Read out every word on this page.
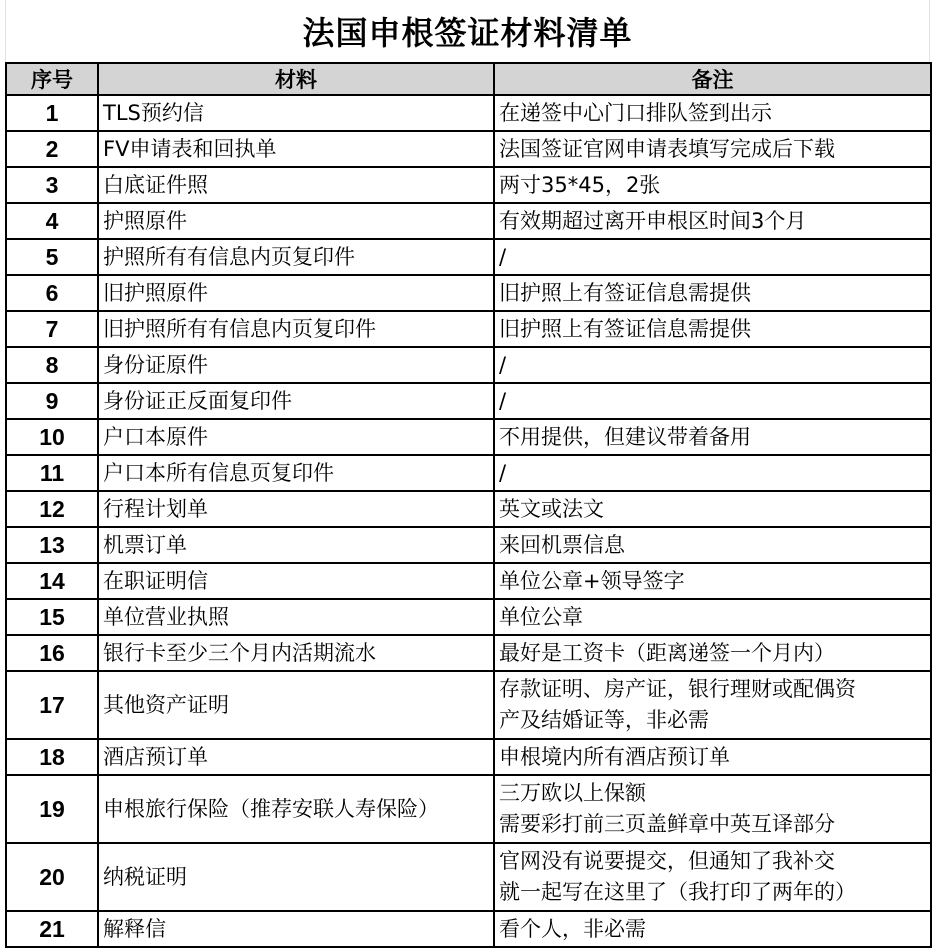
法国申根签证材料清单
序号	材料	备注
1	TLS预约信	在递签中心门口排队签到出示
2	FV申请表和回执单	法国签证官网申请表填写完成后下载
3	白底证件照	两寸35*45，2张
4	护照原件	有效期超过离开申根区时间3个月
5	护照所有有信息内页复印件	/
6	旧护照原件	旧护照上有签证信息需提供
7	旧护照所有有信息内页复印件	旧护照上有签证信息需提供
8	身份证原件	/
9	身份证正反面复印件	/
10	户口本原件	不用提供，但建议带着备用
11	户口本所有信息页复印件	/
12	行程计划单	英文或法文
13	机票订单	来回机票信息
14	在职证明信	单位公章+领导签字
15	单位营业执照	单位公章
16	银行卡至少三个月内活期流水	最好是工资卡（距离递签一个月内）
17	其他资产证明	存款证明、房产证，银行理财或配偶资
产及结婚证等，非必需
18	酒店预订单	申根境内所有酒店预订单
19	申根旅行保险（推荐安联人寿保险）	三万欧以上保额
需要彩打前三页盖鲜章中英互译部分
20	纳税证明	官网没有说要提交，但通知了我补交
就一起写在这里了（我打印了两年的）
21	解释信	看个人，非必需
